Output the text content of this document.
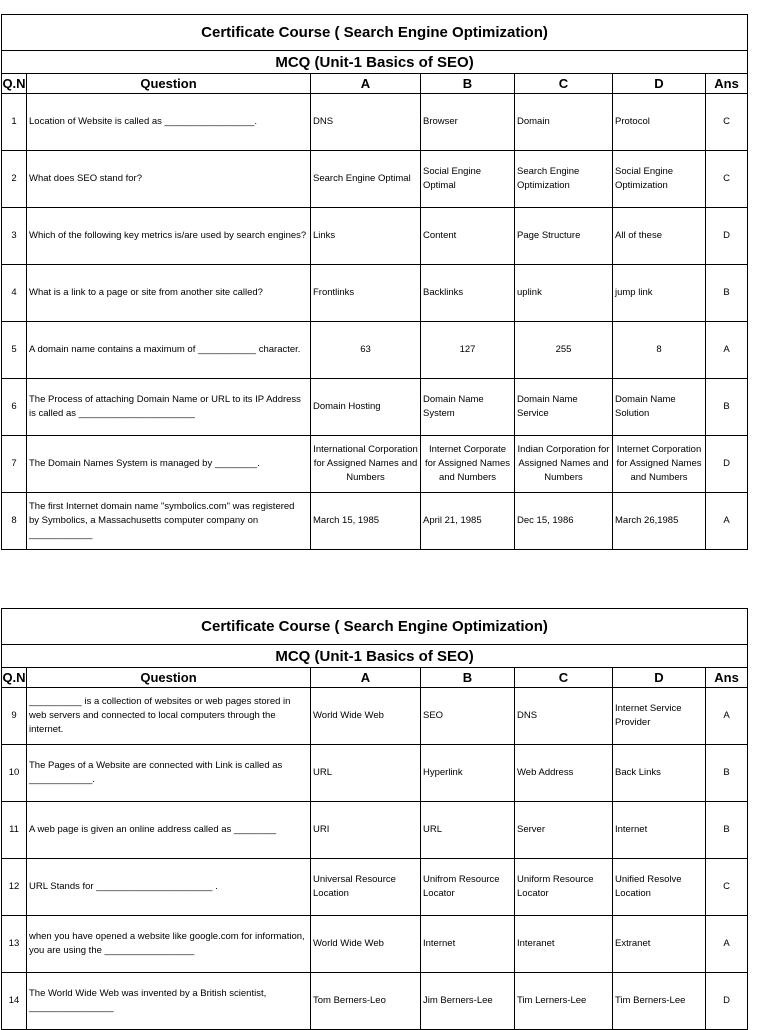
Certificate Course ( Search Engine Optimization)						
MCQ (Unit-1 Basics of SEO)						
Q.N	Question	A	B	C	D	Ans
1	Location of Website is called as _________________.	DNS	Browser	Domain	Protocol	C
2	What does SEO stand for?	Search Engine Optimal	Social Engine Optimal	Search Engine Optimization	Social Engine Optimization	C
3	Which of the following key metrics is/are used by search engines?	Links	Content	Page Structure	All of these	D
4	What is a link to a page or site from another site called?	Frontlinks	Backlinks	uplink	jump link	B
5	A domain name contains a maximum of ___________ character.	63	127	255	8	A
6	The Process of attaching Domain Name or URL to its IP Address is called as ______________________	Domain Hosting	Domain Name System	Domain Name Service	Domain Name Solution	B
7	The Domain Names System is managed by ________.	International Corporation for Assigned Names and Numbers	Internet Corporate for Assigned Names and Numbers	Indian Corporation for Assigned Names and Numbers	Internet Corporation for Assigned Names and Numbers	D
8	The first Internet domain name "symbolics.com" was registered by Symbolics, a Massachusetts computer company on ____________	March 15, 1985	April 21, 1985	Dec 15, 1986	March 26,1985	A
Certificate Course ( Search Engine Optimization)						
MCQ (Unit-1 Basics of SEO)						
Q.N	Question	A	B	C	D	Ans
9	__________ is a collection of websites or web pages stored in web servers and connected to local computers through the internet.	World Wide Web	SEO	DNS	Internet Service Provider	A
10	The Pages of a Website are connected with Link is called as ____________.	URL	Hyperlink	Web Address	Back Links	B
11	A web page is given an online address called as ________	URI	URL	Server	Internet	B
12	URL Stands for ______________________ .	Universal Resource Location	Unifrom Resource Locator	Uniform Resource Locator	Unified Resolve Location	C
13	when you have opened a website like google.com for information, you are using the _________________	World Wide Web	Internet	Interanet	Extranet	A
14	The World Wide Web was invented by a British scientist, ________________	Tom Berners-Leo	Jim Berners-Lee	Tim Lerners-Lee	Tim Berners-Lee	D
